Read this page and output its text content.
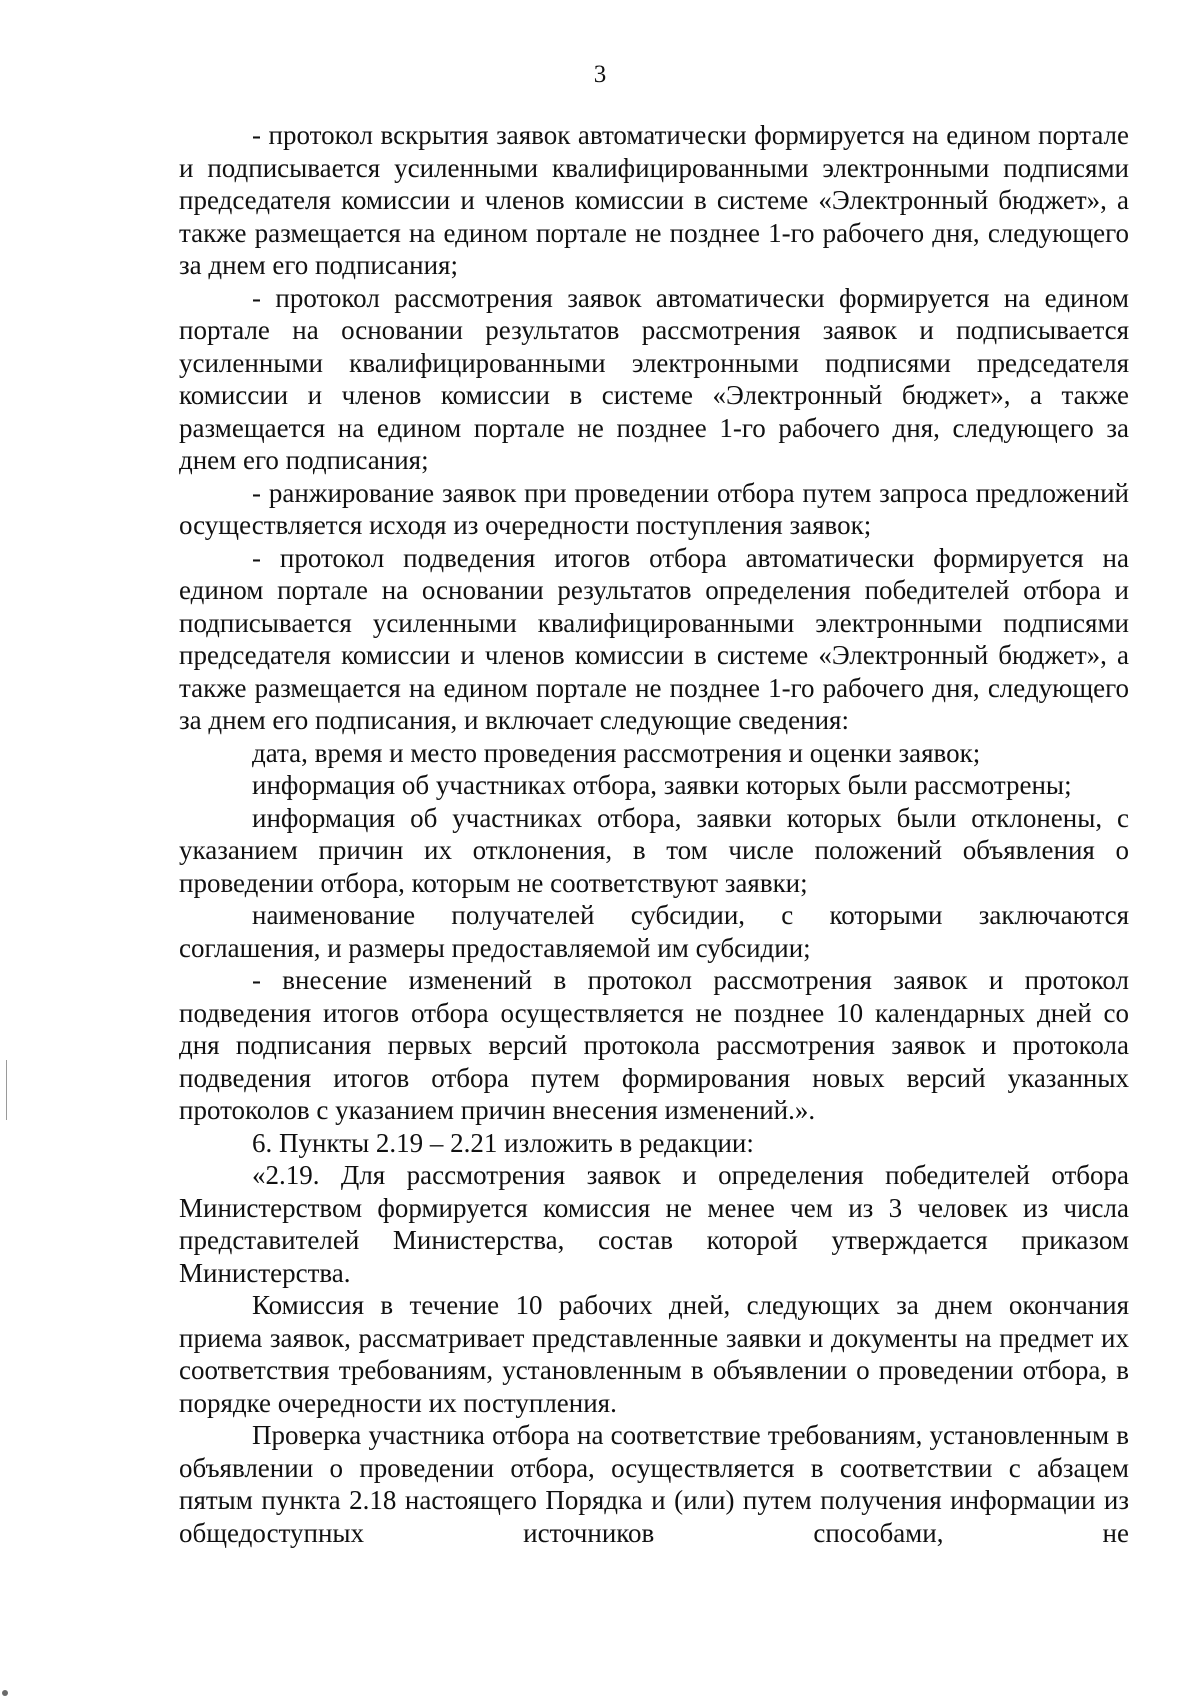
3

- протокол вскрытия заявок автоматически формируется на едином портале и подписывается усиленными квалифицированными электронными подписями председателя комиссии и членов комиссии в системе «Электронный бюджет», а также размещается на едином портале не позднее 1-го рабочего дня, следующего за днем его подписания;

- протокол рассмотрения заявок автоматически формируется на едином портале на основании результатов рассмотрения заявок и подписывается усиленными квалифицированными электронными подписями председателя комиссии и членов комиссии в системе «Электронный бюджет», а также размещается на едином портале не позднее 1-го рабочего дня, следующего за днем его подписания;

- ранжирование заявок при проведении отбора путем запроса предложений осуществляется исходя из очередности поступления заявок;

- протокол подведения итогов отбора автоматически формируется на едином портале на основании результатов определения победителей отбора и подписывается усиленными квалифицированными электронными подписями председателя комиссии и членов комиссии в системе «Электронный бюджет», а также размещается на едином портале не позднее 1-го рабочего дня, следующего за днем его подписания, и включает следующие сведения:

дата, время и место проведения рассмотрения и оценки заявок;

информация об участниках отбора, заявки которых были рассмотрены;

информация об участниках отбора, заявки которых были отклонены, с указанием причин их отклонения, в том числе положений объявления о проведении отбора, которым не соответствуют заявки;

наименование получателей субсидии, с которыми заключаются соглашения, и размеры предоставляемой им субсидии;

- внесение изменений в протокол рассмотрения заявок и протокол подведения итогов отбора осуществляется не позднее 10 календарных дней со дня подписания первых версий протокола рассмотрения заявок и протокола подведения итогов отбора путем формирования новых версий указанных протоколов с указанием причин внесения изменений.».

6. Пункты 2.19 – 2.21 изложить в редакции:

«2.19. Для рассмотрения заявок и определения победителей отбора Министерством формируется комиссия не менее чем из 3 человек из числа представителей Министерства, состав которой утверждается приказом Министерства.

Комиссия в течение 10 рабочих дней, следующих за днем окончания приема заявок, рассматривает представленные заявки и документы на предмет их соответствия требованиям, установленным в объявлении о проведении отбора, в порядке очередности их поступления.

Проверка участника отбора на соответствие требованиям, установленным в объявлении о проведении отбора, осуществляется в соответствии с абзацем пятым пункта 2.18 настоящего Порядка и (или) путем получения информации из общедоступных источников способами, не
